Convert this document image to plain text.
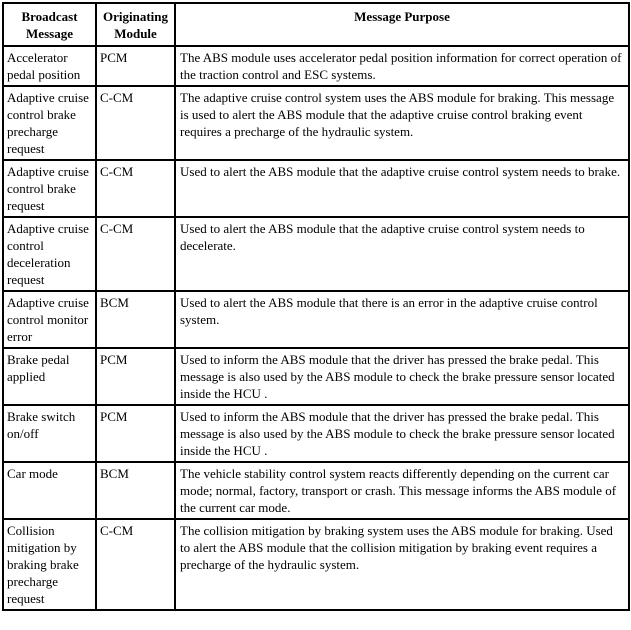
Broadcast Message	Originating Module	Message Purpose
Accelerator pedal position	PCM	The ABS module uses accelerator pedal position information for correct operation of the traction control and ESC systems.
Adaptive cruise control brake precharge request	C-CM	The adaptive cruise control system uses the ABS module for braking. This message is used to alert the ABS module that the adaptive cruise control braking event requires a precharge of the hydraulic system.
Adaptive cruise control brake request	C-CM	Used to alert the ABS module that the adaptive cruise control system needs to brake.
Adaptive cruise control deceleration request	C-CM	Used to alert the ABS module that the adaptive cruise control system needs to decelerate.
Adaptive cruise control monitor error	BCM	Used to alert the ABS module that there is an error in the adaptive cruise control system.
Brake pedal applied	PCM	Used to inform the ABS module that the driver has pressed the brake pedal. This message is also used by the ABS module to check the brake pressure sensor located inside the HCU .
Brake switch on/off	PCM	Used to inform the ABS module that the driver has pressed the brake pedal. This message is also used by the ABS module to check the brake pressure sensor located inside the HCU .
Car mode	BCM	The vehicle stability control system reacts differently depending on the current car mode; normal, factory, transport or crash. This message informs the ABS module of the current car mode.
Collision mitigation by braking brake precharge request	C-CM	The collision mitigation by braking system uses the ABS module for braking. Used to alert the ABS module that the collision mitigation by braking event requires a precharge of the hydraulic system.
